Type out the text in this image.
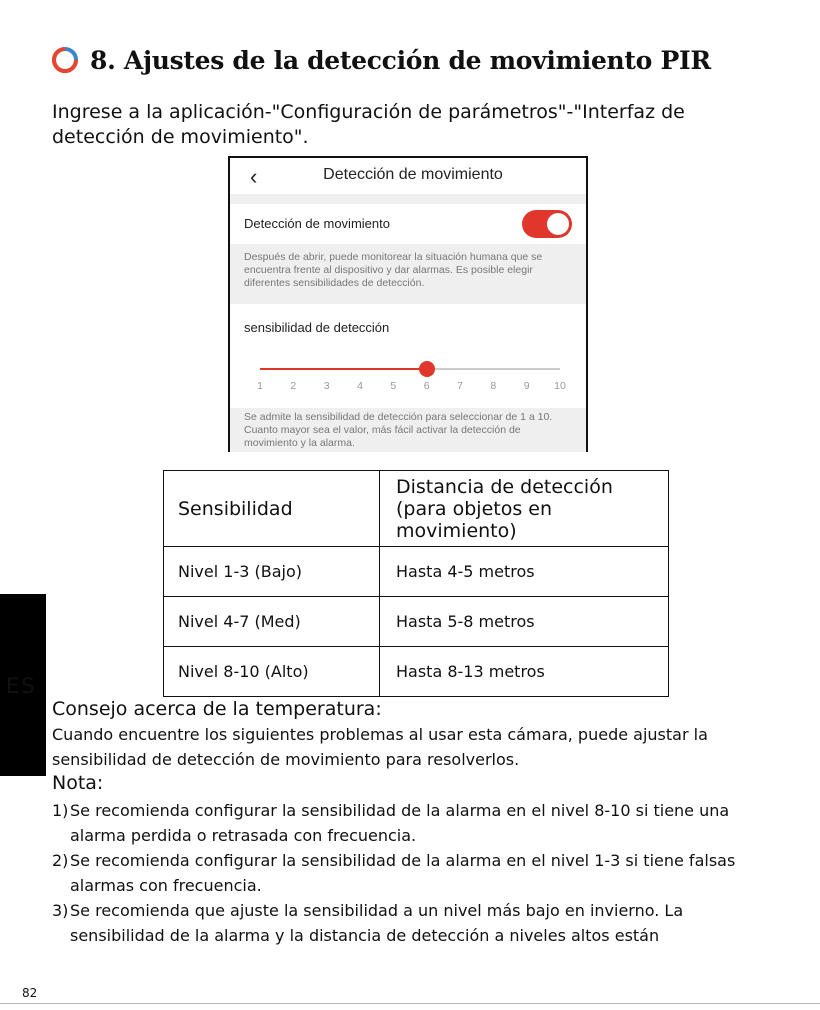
8. Ajustes de la detección de movimiento PIR
Ingrese a la aplicación-"Configuración de parámetros"-"Interfaz de detección de movimiento".
‹	Detección de movimiento
Detección de movimiento
Después de abrir, puede monitorear la situación humana que se encuentra frente al dispositivo y dar alarmas. Es posible elegir diferentes sensibilidades de detección.
sensibilidad de detección
1	2	3	4	5	6	7	8	9 10
Se admite la sensibilidad de detección para seleccionar de 1 a 10. Cuanto mayor sea el valor, más fácil activar la detección de movimiento y la alarma.
Sensibilidad	Distancia de detección (para objetos en movimiento)
Nivel 1-3 (Bajo)	Hasta 4-5 metros
Nivel 4-7 (Med)	Hasta 5-8 metros
Nivel 8-10 (Alto)	Hasta 8-13 metros
ES
Consejo acerca de la temperatura:
Cuando encuentre los siguientes problemas al usar esta cámara, puede ajustar la sensibilidad de detección de movimiento para resolverlos.
Nota:
1) Se recomienda configurar la sensibilidad de la alarma en el nivel 8-10 si tiene una alarma perdida o retrasada con frecuencia.
2) Se recomienda configurar la sensibilidad de la alarma en el nivel 1-3 si tiene falsas alarmas con frecuencia.
3) Se recomienda que ajuste la sensibilidad a un nivel más bajo en invierno. La sensibilidad de la alarma y la distancia de detección a niveles altos están
82
